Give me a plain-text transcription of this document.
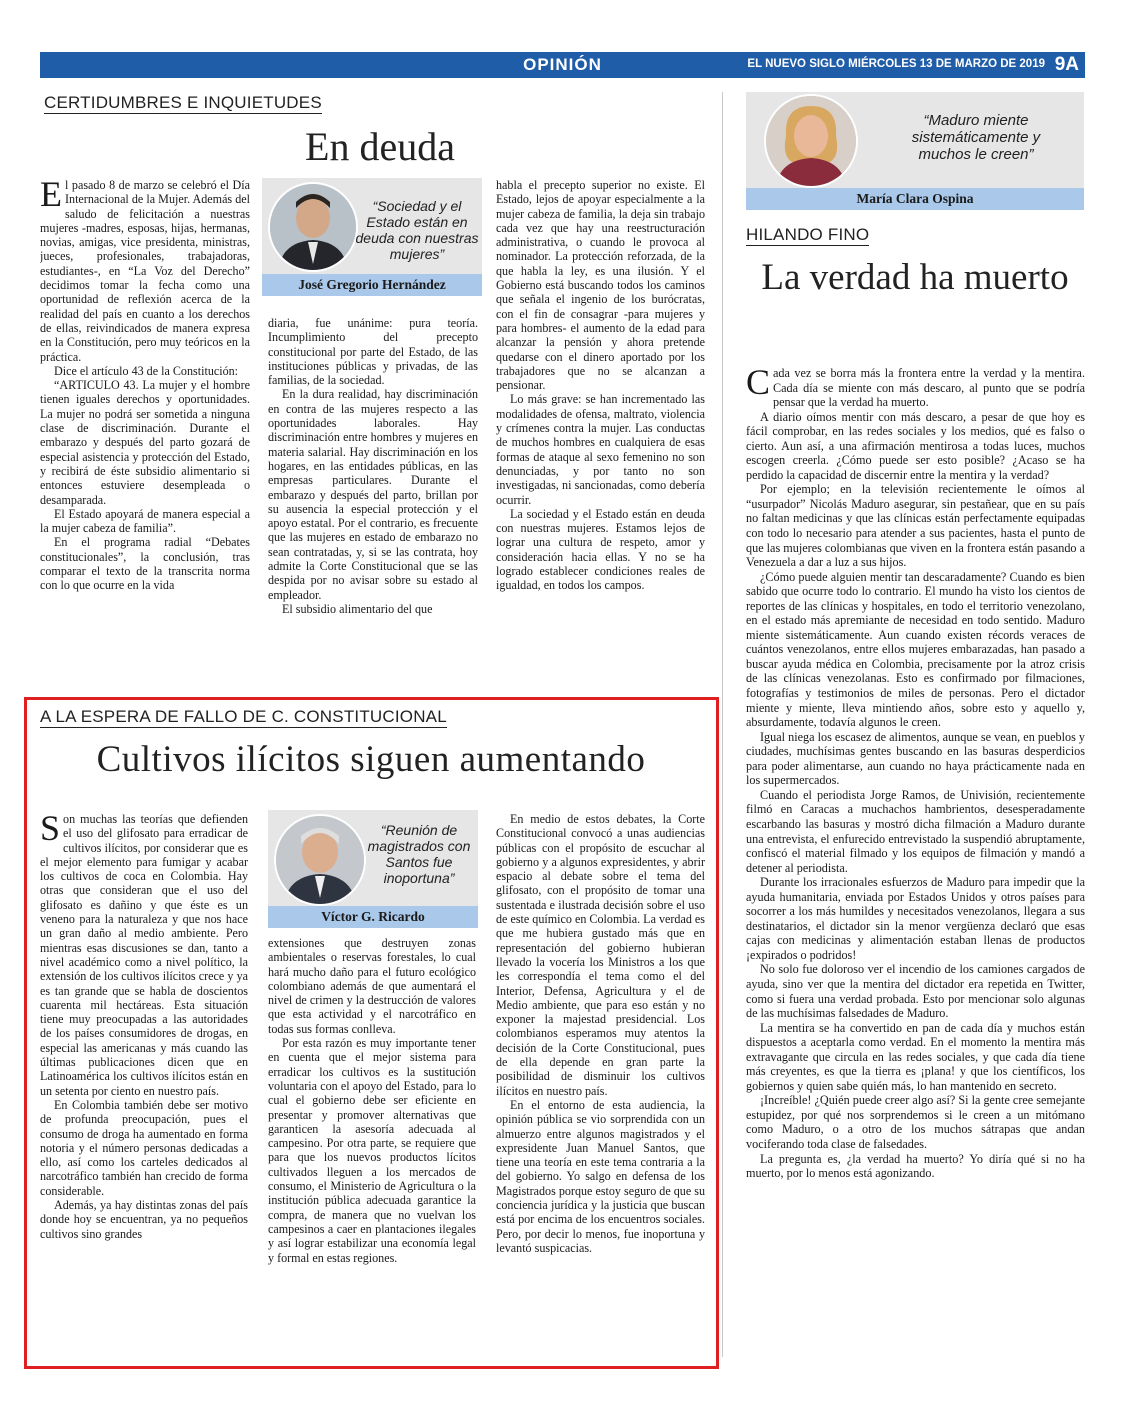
OPINIÓN	EL NUEVO SIGLO MIÉRCOLES 13 DE MARZO DE 2019 9A
CERTIDUMBRES E INQUIETUDES
En deuda

El pasado 8 de marzo se celebró el Día Internacional de la Mujer. Además del saludo de felicitación a nuestras mujeres -madres, esposas, hijas, hermanas, novias, amigas, vice presidenta, ministras, jueces, profesionales, trabajadoras, estudiantes-, en “La Voz del Derecho” decidimos tomar la fecha como una oportunidad de reflexión acerca de la realidad del país en cuanto a los derechos de ellas, reivindicados de manera expresa en la Constitución, pero muy teóricos en la práctica.

Dice el artículo 43 de la Constitución:

“ARTICULO 43. La mujer y el hombre tienen iguales derechos y oportunidades. La mujer no podrá ser sometida a ninguna clase de discriminación. Durante el embarazo y después del parto gozará de especial asistencia y protección del Estado, y recibirá de éste subsidio alimentario si entonces estuviere desempleada o desamparada.

El Estado apoyará de manera especial a la mujer cabeza de familia”.

En el programa radial “Debates constitucionales”, la conclusión, tras comparar el texto de la transcrita norma con lo que ocurre en la vida

“Sociedad y el Estado están en deuda con nuestras mujeres”
José Gregorio Hernández

diaria, fue unánime: pura teoría. Incumplimiento del precepto constitucional por parte del Estado, de las instituciones públicas y privadas, de las familias, de la sociedad.

En la dura realidad, hay discriminación en contra de las mujeres respecto a las oportunidades laborales. Hay discriminación entre hombres y mujeres en materia salarial. Hay discriminación en los hogares, en las entidades públicas, en las empresas particulares. Durante el embarazo y después del parto, brillan por su ausencia la especial protección y el apoyo estatal. Por el contrario, es frecuente que las mujeres en estado de embarazo no sean contratadas, y, si se las contrata, hoy admite la Corte Constitucional que se las despida por no avisar sobre su estado al empleador.

El subsidio alimentario del que

habla el precepto superior no existe. El Estado, lejos de apoyar especialmente a la mujer cabeza de familia, la deja sin trabajo cada vez que hay una reestructuración administrativa, o cuando le provoca al nominador. La protección reforzada, de la que habla la ley, es una ilusión. Y el Gobierno está buscando todos los caminos que señala el ingenio de los burócratas, con el fin de consagrar -para mujeres y para hombres- el aumento de la edad para alcanzar la pensión y ahora pretende quedarse con el dinero aportado por los trabajadores que no se alcanzan a pensionar.

Lo más grave: se han incrementado las modalidades de ofensa, maltrato, violencia y crímenes contra la mujer. Las conductas de muchos hombres en cualquiera de esas formas de ataque al sexo femenino no son denunciadas, y por tanto no son investigadas, ni sancionadas, como debería ocurrir.

La sociedad y el Estado están en deuda con nuestras mujeres. Estamos lejos de lograr una cultura de respeto, amor y consideración hacia ellas. Y no se ha logrado establecer condiciones reales de igualdad, en todos los campos.

A LA ESPERA DE FALLO DE C. CONSTITUCIONAL
Cultivos ilícitos siguen aumentando

Son muchas las teorías que defienden el uso del glifosato para erradicar de cultivos ilícitos, por considerar que es el mejor elemento para fumigar y acabar los cultivos de coca en Colombia. Hay otras que consideran que el uso del glifosato es dañino y que éste es un veneno para la naturaleza y que nos hace un gran daño al medio ambiente. Pero mientras esas discusiones se dan, tanto a nivel académico como a nivel político, la extensión de los cultivos ilícitos crece y ya es tan grande que se habla de doscientos cuarenta mil hectáreas. Esta situación tiene muy preocupadas a las autoridades de los países consumidores de drogas, en especial las americanas y más cuando las últimas publicaciones dicen que en Latinoamérica los cultivos ilícitos están en un setenta por ciento en nuestro país.

En Colombia también debe ser motivo de profunda preocupación, pues el consumo de droga ha aumentado en forma notoria y el número personas dedicadas a ello, así como los carteles dedicados al narcotráfico también han crecido de forma considerable.

Además, ya hay distintas zonas del país donde hoy se encuentran, ya no pequeños cultivos sino grandes

“Reunión de magistrados con Santos fue inoportuna”
Víctor G. Ricardo

extensiones que destruyen zonas ambientales o reservas forestales, lo cual hará mucho daño para el futuro ecológico colombiano además de que aumentará el nivel de crimen y la destrucción de valores que esta actividad y el narcotráfico en todas sus formas conlleva.

Por esta razón es muy importante tener en cuenta que el mejor sistema para erradicar los cultivos es la sustitución voluntaria con el apoyo del Estado, para lo cual el gobierno debe ser eficiente en presentar y promover alternativas que garanticen la asesoría adecuada al campesino. Por otra parte, se requiere que para que los nuevos productos lícitos cultivados lleguen a los mercados de consumo, el Ministerio de Agricultura o la institución pública adecuada garantice la compra, de manera que no vuelvan los campesinos a caer en plantaciones ilegales y así lograr estabilizar una economía legal y formal en estas regiones.

En medio de estos debates, la Corte Constitucional convocó a unas audiencias públicas con el propósito de escuchar al gobierno y a algunos expresidentes, y abrir espacio al debate sobre el tema del glifosato, con el propósito de tomar una sustentada e ilustrada decisión sobre el uso de este químico en Colombia. La verdad es que me hubiera gustado más que en representación del gobierno hubieran llevado la vocería los Ministros a los que les correspondía el tema como el del Interior, Defensa, Agricultura y el de Medio ambiente, que para eso están y no exponer la majestad presidencial. Los colombianos esperamos muy atentos la decisión de la Corte Constitucional, pues de ella depende en gran parte la posibilidad de disminuir los cultivos ilícitos en nuestro país.

En el entorno de esta audiencia, la opinión pública se vio sorprendida con un almuerzo entre algunos magistrados y el expresidente Juan Manuel Santos, que tiene una teoría en este tema contraria a la del gobierno. Yo salgo en defensa de los Magistrados porque estoy seguro de que su conciencia jurídica y la justicia que buscan está por encima de los encuentros sociales. Pero, por decir lo menos, fue inoportuna y levantó suspicacias.

“Maduro miente sistemáticamente y muchos le creen”
María Clara Ospina
HILANDO FINO
La verdad ha muerto

Cada vez se borra más la frontera entre la verdad y la mentira. Cada día se miente con más descaro, al punto que se podría pensar que la verdad ha muerto.

A diario oímos mentir con más descaro, a pesar de que hoy es fácil comprobar, en las redes sociales y los medios, qué es falso o cierto. Aun así, a una afirmación mentirosa a todas luces, muchos escogen creerla. ¿Cómo puede ser esto posible? ¿Acaso se ha perdido la capacidad de discernir entre la mentira y la verdad?

Por ejemplo; en la televisión recientemente le oímos al “usurpador” Nicolás Maduro asegurar, sin pestañear, que en su país no faltan medicinas y que las clínicas están perfectamente equipadas con todo lo necesario para atender a sus pacientes, hasta el punto de que las mujeres colombianas que viven en la frontera están pasando a Venezuela a dar a luz a sus hijos.

¿Cómo puede alguien mentir tan descaradamente? Cuando es bien sabido que ocurre todo lo contrario. El mundo ha visto los cientos de reportes de las clínicas y hospitales, en todo el territorio venezolano, en el estado más apremiante de necesidad en todo sentido. Maduro miente sistemáticamente. Aun cuando existen récords veraces de cuántos venezolanos, entre ellos mujeres embarazadas, han pasado a buscar ayuda médica en Colombia, precisamente por la atroz crisis de las clínicas venezolanas. Esto es confirmado por filmaciones, fotografías y testimonios de miles de personas. Pero el dictador miente y miente, lleva mintiendo años, sobre esto y aquello y, absurdamente, todavía algunos le creen.

Igual niega los escasez de alimentos, aunque se vean, en pueblos y ciudades, muchísimas gentes buscando en las basuras desperdicios para poder alimentarse, aun cuando no haya prácticamente nada en los supermercados.

Cuando el periodista Jorge Ramos, de Univisión, recientemente filmó en Caracas a muchachos hambrientos, desesperadamente escarbando las basuras y mostró dicha filmación a Maduro durante una entrevista, el enfurecido entrevistado la suspendió abruptamente, confiscó el material filmado y los equipos de filmación y mandó a detener al periodista.

Durante los irracionales esfuerzos de Maduro para impedir que la ayuda humanitaria, enviada por Estados Unidos y otros países para socorrer a los más humildes y necesitados venezolanos, llegara a sus destinatarios, el dictador sin la menor vergüenza declaró que esas cajas con medicinas y alimentación estaban llenas de productos ¡expirados o podridos!

No solo fue doloroso ver el incendio de los camiones cargados de ayuda, sino ver que la mentira del dictador era repetida en Twitter, como si fuera una verdad probada. Esto por mencionar solo algunas de las muchísimas falsedades de Maduro.

La mentira se ha convertido en pan de cada día y muchos están dispuestos a aceptarla como verdad. En el momento la mentira más extravagante que circula en las redes sociales, y que cada día tiene más creyentes, es que la tierra es ¡plana! y que los científicos, los gobiernos y quien sabe quién más, lo han mantenido en secreto.

¡Increíble! ¿Quién puede creer algo así? Si la gente cree semejante estupidez, por qué nos sorprendemos si le creen a un mitómano como Maduro, o a otro de los muchos sátrapas que andan vociferando toda clase de falsedades.

La pregunta es, ¿la verdad ha muerto? Yo diría qué si no ha muerto, por lo menos está agonizando.
